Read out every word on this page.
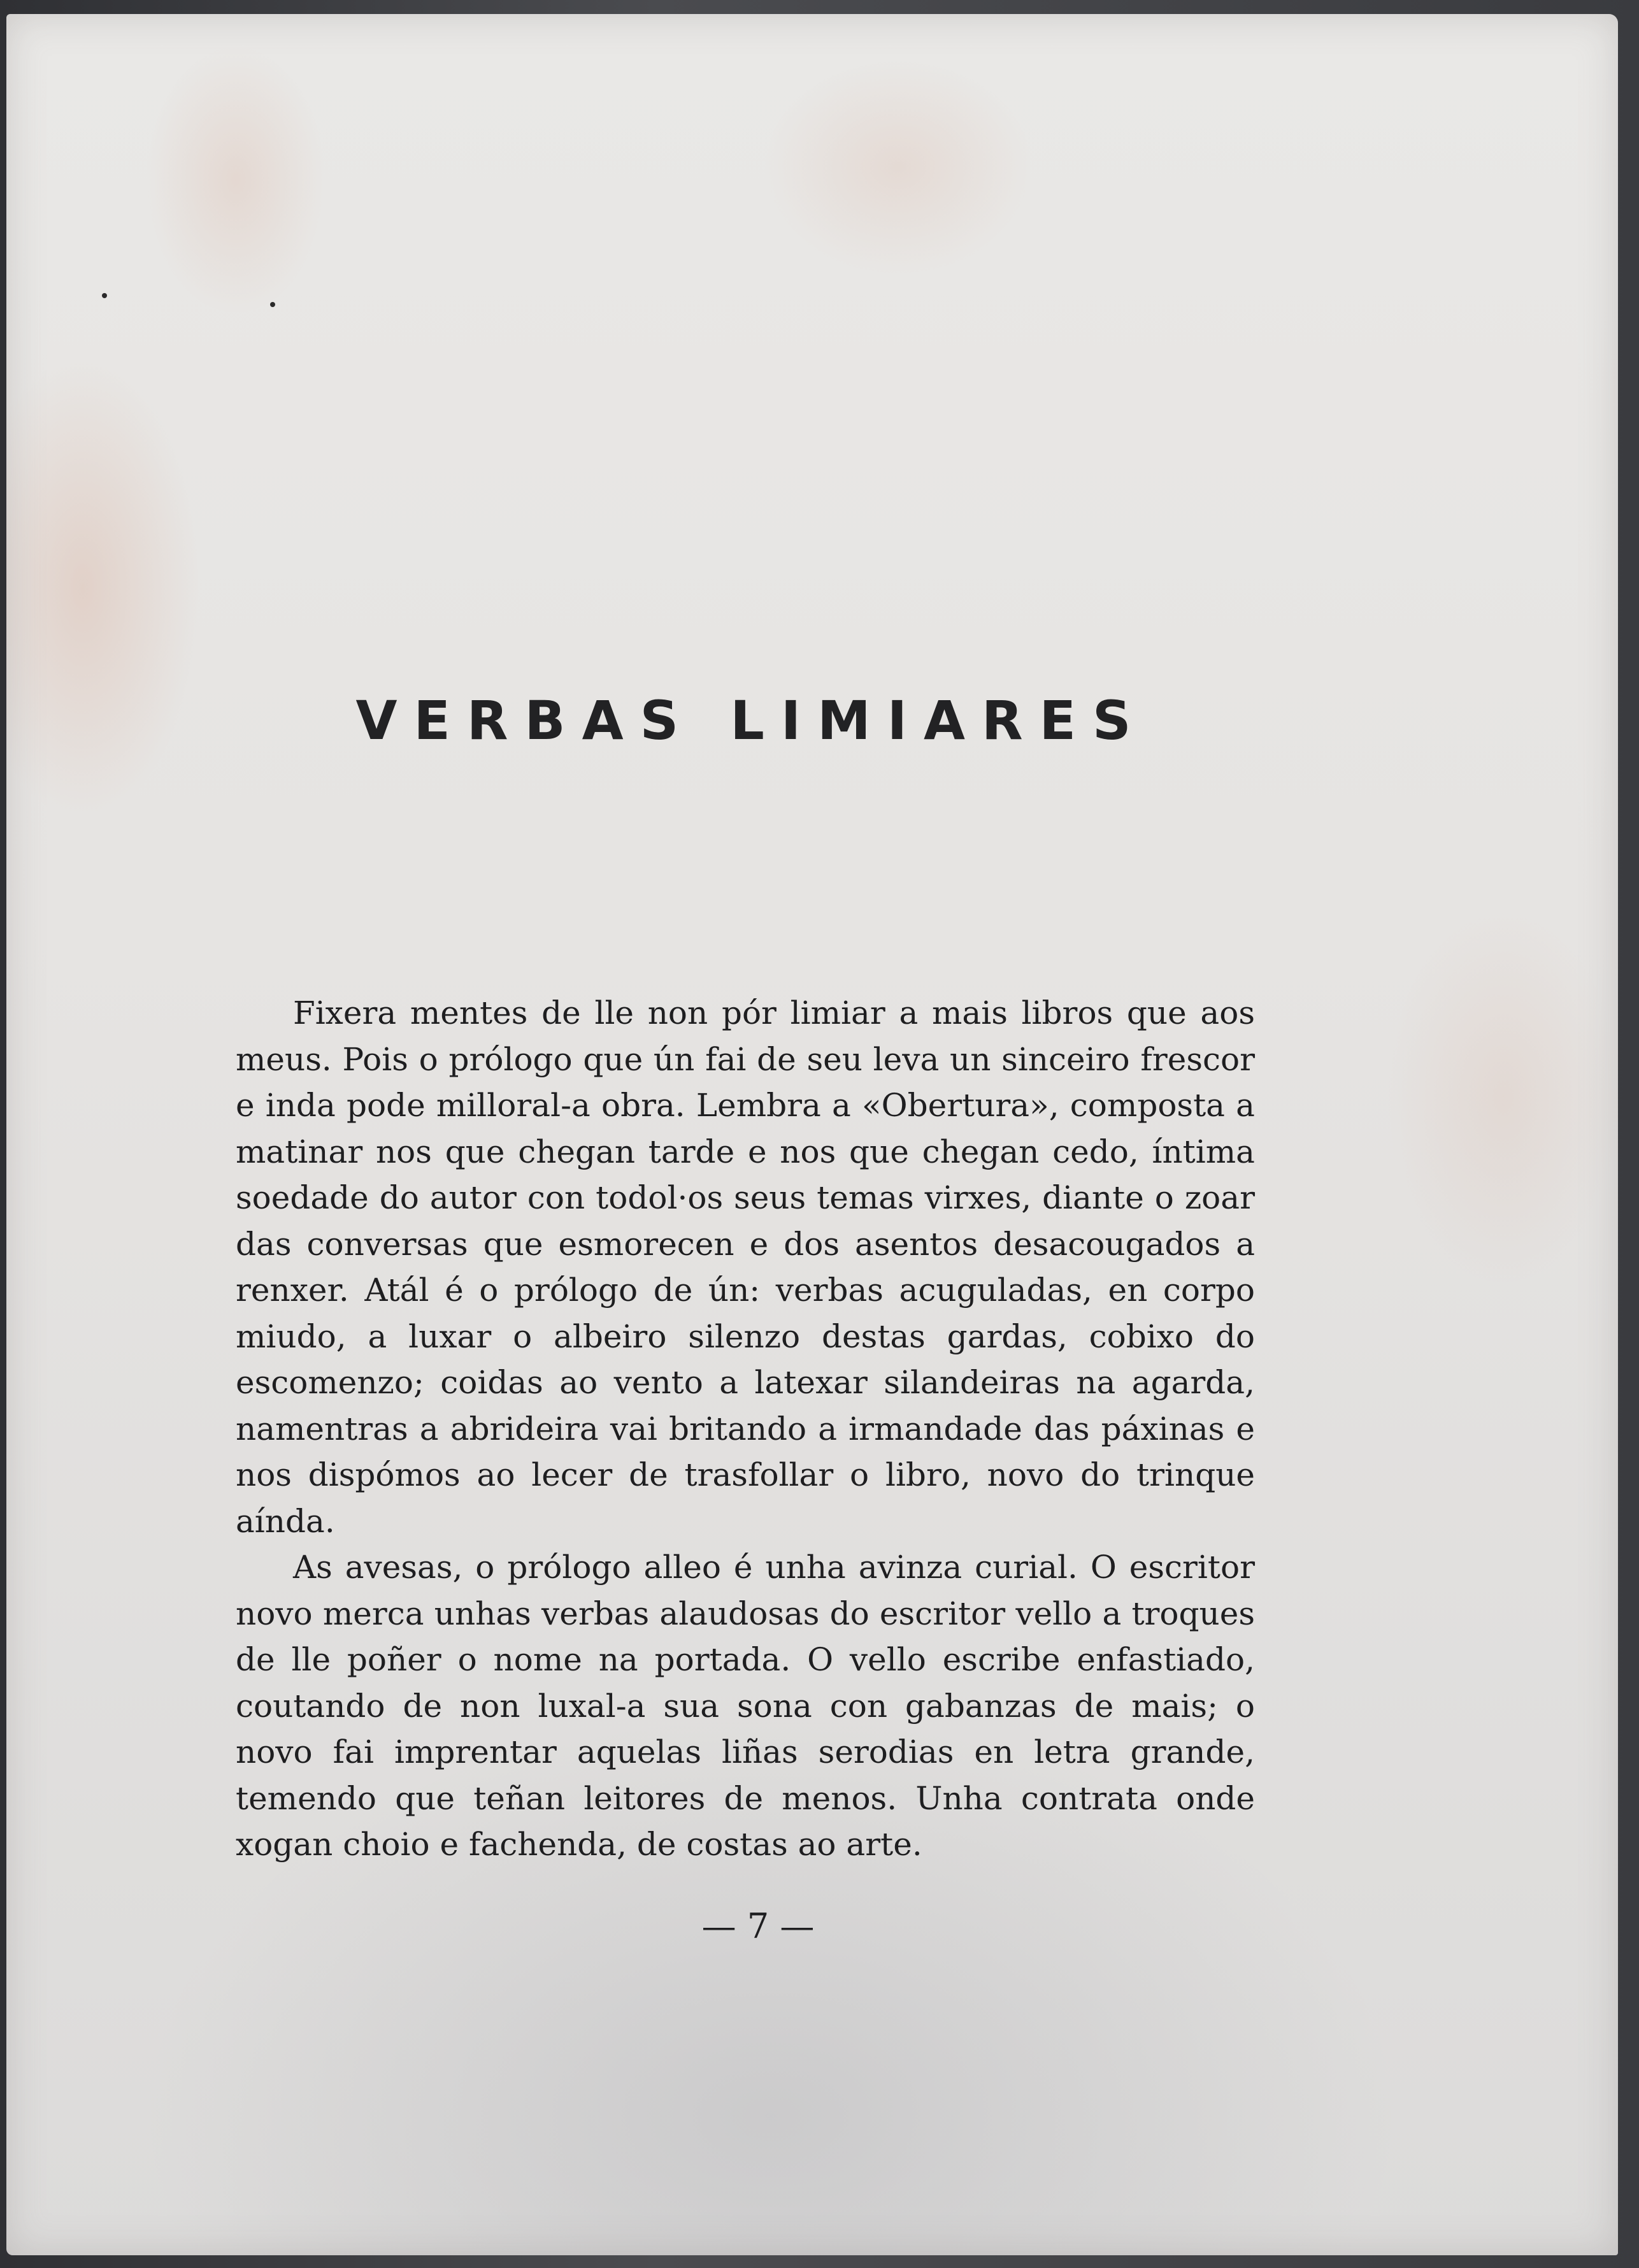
VERBAS LIMIARES

Fixera mentes de lle non pór limiar a mais libros que aos meus. Pois o prólogo que ún fai de seu leva un sinceiro frescor e inda pode milloral-a obra. Lembra a «Obertura», composta a matinar nos que chegan tarde e nos que chegan cedo, íntima soedade do autor con todol·os seus temas virxes, diante o zoar das conversas que esmorecen e dos asentos desacougados a renxer. Atál é o prólogo de ún: verbas acuguladas, en corpo miudo, a luxar o albeiro silenzo destas gardas, cobixo do escomenzo; coidas ao vento a latexar silandeiras na agarda, namentras a abrideira vai britando a irmandade das páxinas e nos dispómos ao lecer de trasfollar o libro, novo do trinque aínda.

As avesas, o prólogo alleo é unha avinza curial. O escritor novo merca unhas verbas alaudosas do escritor vello a troques de lle poñer o nome na portada. O vello escribe enfastiado, coutando de non luxal-a sua sona con gabanzas de mais; o novo fai imprentar aquelas liñas serodias en letra grande, temendo que teñan leitores de menos. Unha contrata onde xogan choio e fachenda, de costas ao arte.

— 7 —
